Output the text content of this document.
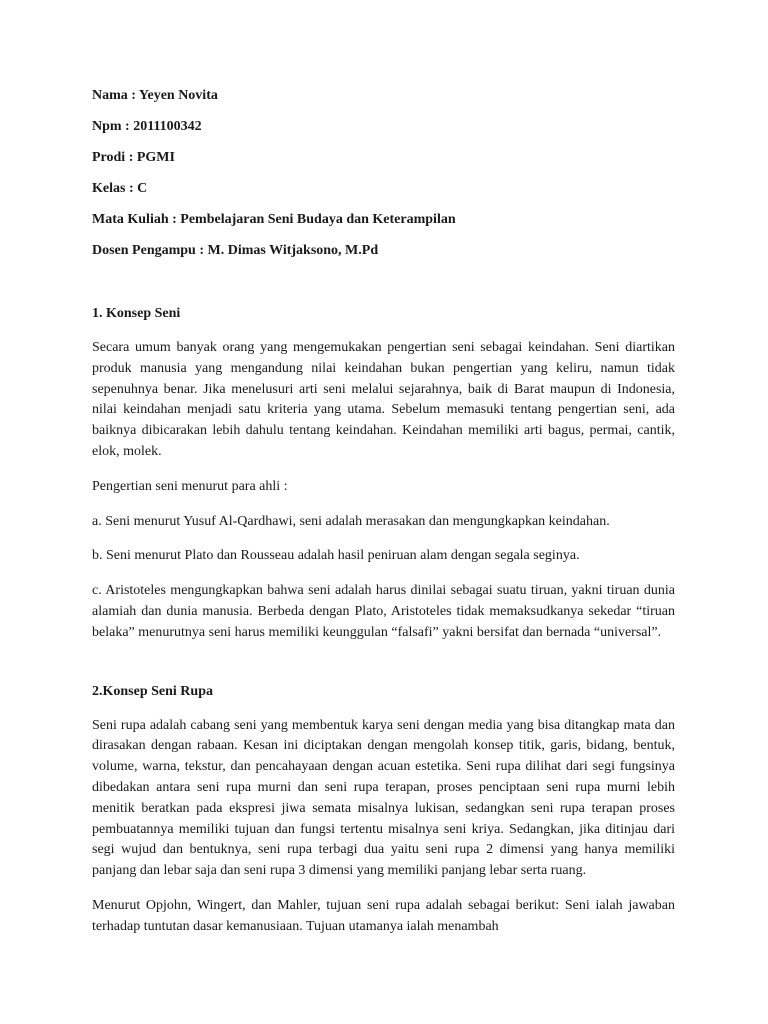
Nama : Yeyen Novita
Npm : 2011100342
Prodi : PGMI
Kelas : C
Mata Kuliah : Pembelajaran Seni Budaya dan Keterampilan
Dosen Pengampu : M. Dimas Witjaksono, M.Pd
1. Konsep Seni

Secara umum banyak orang yang mengemukakan pengertian seni sebagai keindahan. Seni diartikan produk manusia yang mengandung nilai keindahan bukan pengertian yang keliru, namun tidak sepenuhnya benar. Jika menelusuri arti seni melalui sejarahnya, baik di Barat maupun di Indonesia, nilai keindahan menjadi satu kriteria yang utama. Sebelum memasuki tentang pengertian seni, ada baiknya dibicarakan lebih dahulu tentang keindahan. Keindahan memiliki arti bagus, permai, cantik, elok, molek.

Pengertian seni menurut para ahli :

a. Seni menurut Yusuf Al-Qardhawi, seni adalah merasakan dan mengungkapkan keindahan.

b. Seni menurut Plato dan Rousseau adalah hasil peniruan alam dengan segala seginya.

c. Aristoteles mengungkapkan bahwa seni adalah harus dinilai sebagai suatu tiruan, yakni tiruan dunia alamiah dan dunia manusia. Berbeda dengan Plato, Aristoteles tidak memaksudkanya sekedar “tiruan belaka” menurutnya seni harus memiliki keunggulan “falsafi” yakni bersifat dan bernada “universal”.

2.Konsep Seni Rupa

Seni rupa adalah cabang seni yang membentuk karya seni dengan media yang bisa ditangkap mata dan dirasakan dengan rabaan. Kesan ini diciptakan dengan mengolah konsep titik, garis, bidang, bentuk, volume, warna, tekstur, dan pencahayaan dengan acuan estetika. Seni rupa dilihat dari segi fungsinya dibedakan antara seni rupa murni dan seni rupa terapan, proses penciptaan seni rupa murni lebih menitik beratkan pada ekspresi jiwa semata misalnya lukisan, sedangkan seni rupa terapan proses pembuatannya memiliki tujuan dan fungsi tertentu misalnya seni kriya. Sedangkan, jika ditinjau dari segi wujud dan bentuknya, seni rupa terbagi dua yaitu seni rupa 2 dimensi yang hanya memiliki panjang dan lebar saja dan seni rupa 3 dimensi yang memiliki panjang lebar serta ruang.

Menurut Opjohn, Wingert, dan Mahler, tujuan seni rupa adalah sebagai berikut: Seni ialah jawaban terhadap tuntutan dasar kemanusiaan. Tujuan utamanya ialah menambah
